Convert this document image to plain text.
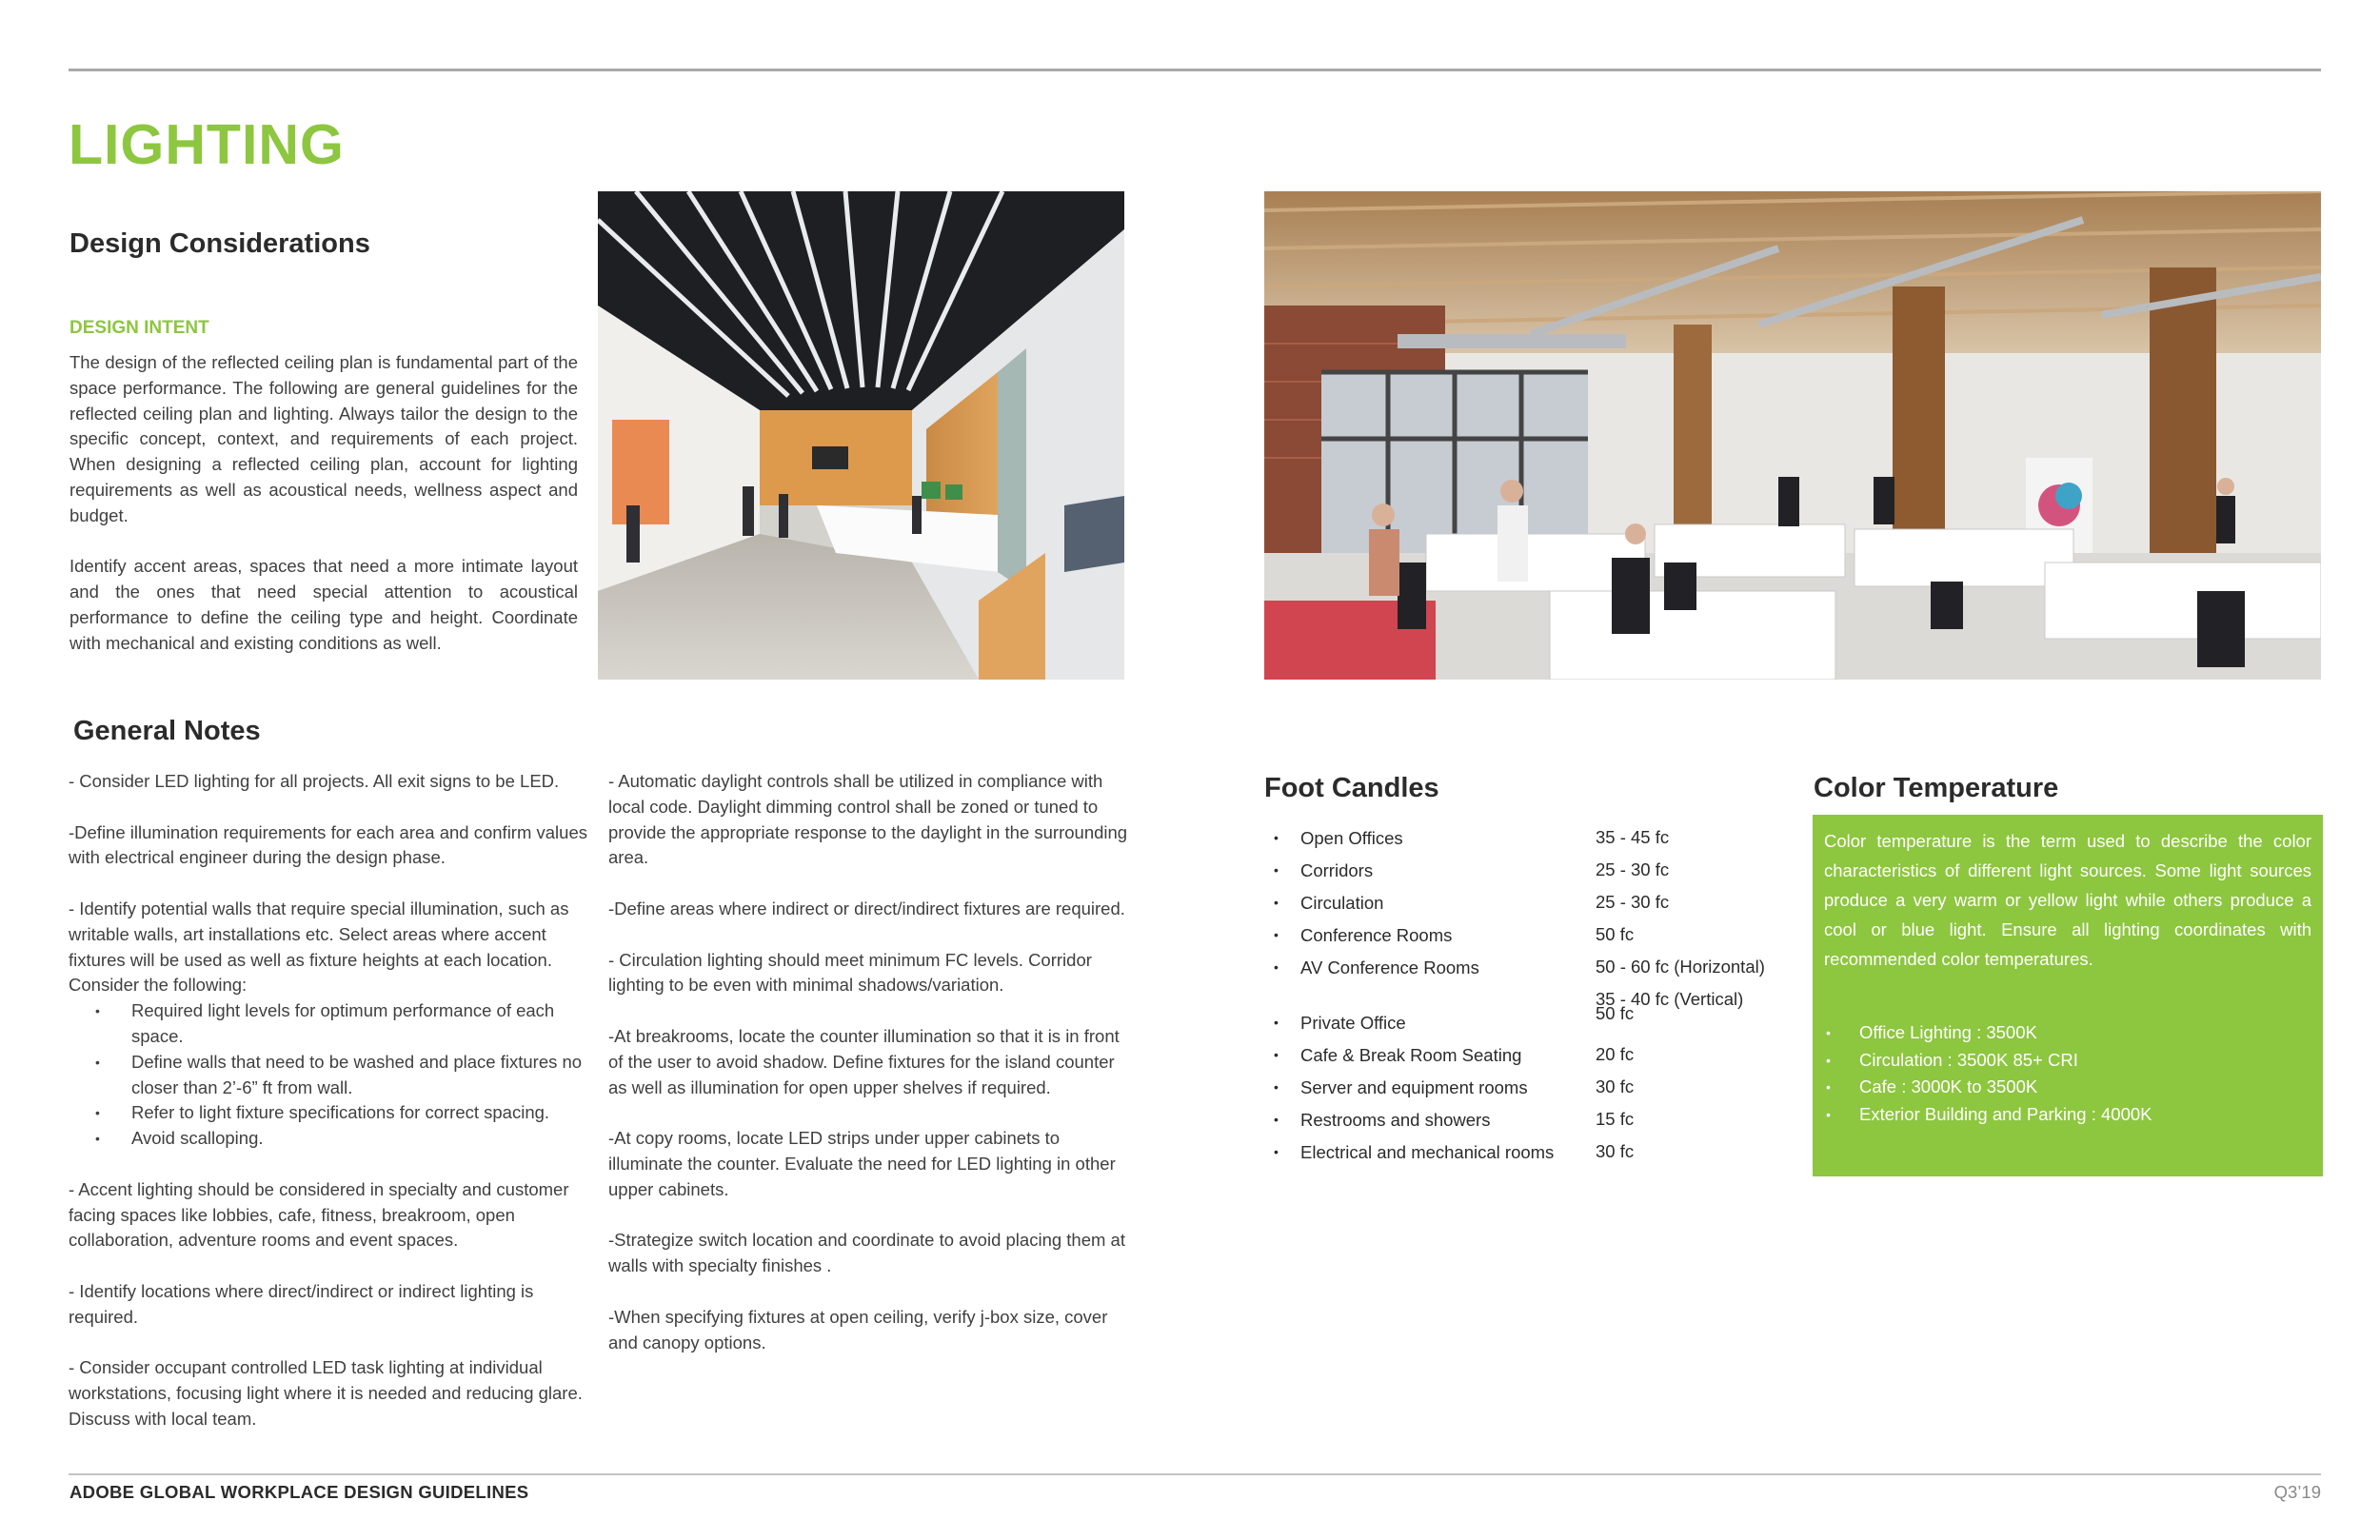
LIGHTING
Design Considerations
DESIGN INTENT

The design of the reflected ceiling plan is fundamental part of the space performance. The following are general guidelines for the reflected ceiling plan and lighting. Always tailor the design to the specific concept, context, and requirements of each project. When designing a reflected ceiling plan, account for lighting requirements as well as acoustical needs, wellness aspect and budget.

Identify accent areas, spaces that need a more intimate layout and the ones that need special attention to acoustical performance to define the ceiling type and height. Coordinate with mechanical and existing conditions as well.

General Notes

- Consider LED lighting for all projects. All exit signs to be LED.

-Define illumination requirements for each area and confirm values with electrical engineer during the design phase.

- Identify potential walls that require special illumination, such as writable walls, art installations etc. Select areas where accent fixtures will be used as well as fixture heights at each location. Consider the following:

• Required light levels for optimum performance of each space.
• Define walls that need to be washed and place fixtures no closer than 2’-6” ft from wall.
• Refer to light fixture specifications for correct spacing.
• Avoid scalloping.

- Accent lighting should be considered in specialty and customer facing spaces like lobbies, cafe, fitness, breakroom, open collaboration, adventure rooms and event spaces.

- Identify locations where direct/indirect or indirect lighting is required.

- Consider occupant controlled LED task lighting at individual workstations, focusing light where it is needed and reducing glare. Discuss with local team.

- Automatic daylight controls shall be utilized in compliance with local code. Daylight dimming control shall be zoned or tuned to provide the appropriate response to the daylight in the surrounding area.

-Define areas where indirect or direct/indirect fixtures are required.

- Circulation lighting should meet minimum FC levels. Corridor lighting to be even with minimal shadows/variation.

-At breakrooms, locate the counter illumination so that it is in front of the user to avoid shadow. Define fixtures for the island counter as well as illumination for open upper shelves if required.

-At copy rooms, locate LED strips under upper cabinets to illuminate the counter. Evaluate the need for LED lighting in other upper cabinets.

-Strategize switch location and coordinate to avoid placing them at walls with specialty finishes .

-When specifying fixtures at open ceiling, verify j-box size, cover and canopy options.

Foot Candles
• Open Offices	35 - 45 fc
• Corridors	25 - 30 fc
• Circulation	25 - 30 fc
• Conference Rooms	50 fc
• AV Conference Rooms	50 - 60 fc (Horizontal)
35 - 40 fc (Vertical)
• Private Office	50 fc
• Cafe & Break Room Seating	20 fc
• Server and equipment rooms	30 fc
• Restrooms and showers	15 fc
• Electrical and mechanical rooms 30 fc
Color Temperature
Color temperature is the term used to describe the color characteristics of different light sources. Some light sources produce a very warm or yellow light while others produce a cool or blue light. Ensure all lighting coordinates with recommended color temperatures.
• Office Lighting : 3500K
• Circulation : 3500K 85+ CRI
• Cafe : 3000K to 3500K
• Exterior Building and Parking : 4000K
ADOBE GLOBAL WORKPLACE DESIGN GUIDELINES	Q3’19
